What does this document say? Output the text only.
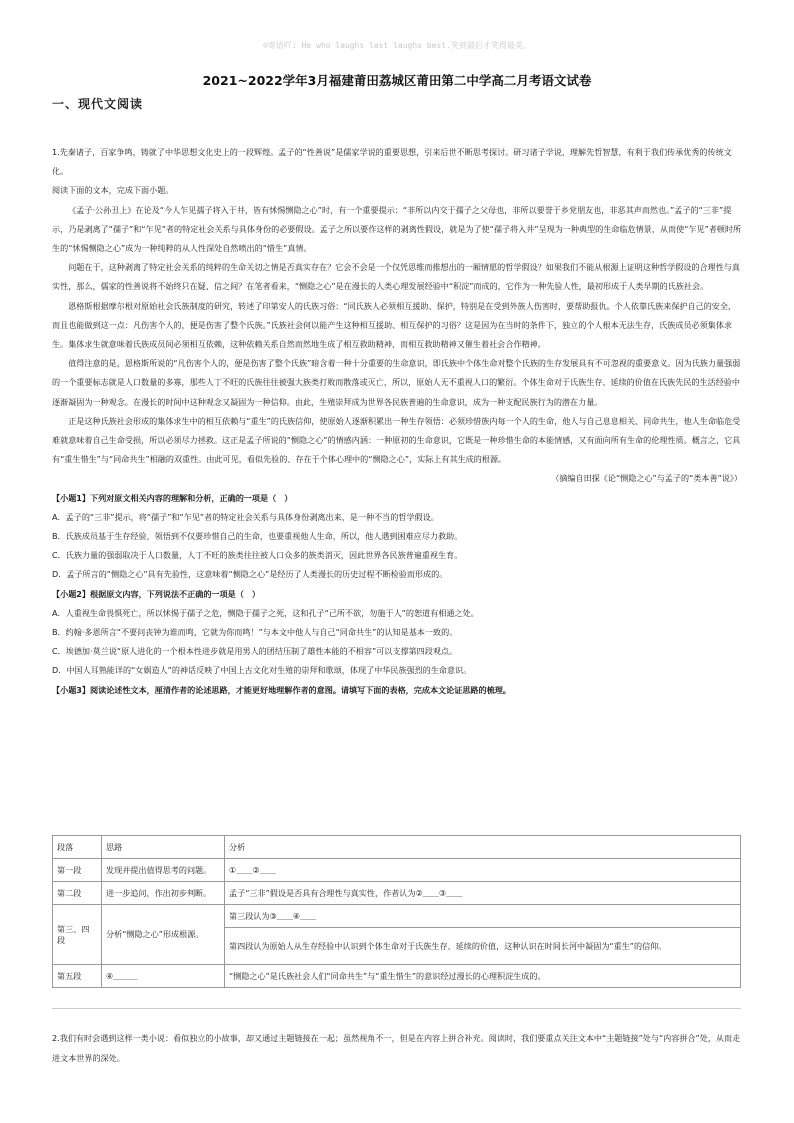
☺寄语吖: He who laughs last laughs best.笑到最后才笑得最美。
2021~2022学年3月福建莆田荔城区莆田第二中学高二月考语文试卷
一、现代文阅读

1.先秦诸子，百家争鸣，铸就了中华思想文化史上的一段辉煌。孟子的“性善说”是儒家学说的重要思想，引来后世不断思考探讨。研习诸子学说，理解先哲智慧，有利于我们传承优秀的传统文化。

阅读下面的文本，完成下面小题。

《孟子·公孙丑上》在论及“今人乍见孺子将入于井，皆有怵惕恻隐之心”时，有一个重要提示：“非所以内交于孺子之父母也，非所以要誉于乡党朋友也，非恶其声而然也。”孟子的“三非”提示，乃是剥离了“孺子”和“乍见”者的特定社会关系与具体身份的必要假设。孟子之所以要作这样的剥离性假设，就是为了使“孺子将入井”呈现为一种典型的生命临危情景，从而使“乍见”者顿时所生的“怵惕恻隐之心”成为一种纯粹的从人性深处自然喷出的“惜生”真情。

问题在于，这种剥离了特定社会关系的纯粹的生命关切之情是否真实存在？它会不会是一个仅凭思维而推想出的一厢情愿的哲学假设？如果我们不能从根源上证明这种哲学假设的合理性与真实性，那么，儒家的性善说将不始终只在疑、信之间？在笔者看来，“恻隐之心”是在漫长的人类心理发展经验中“积淀”而成的，它作为一种先验人性，最初形成于人类早期的氏族社会。

恩格斯根据摩尔根对原始社会氏族制度的研究，转述了印第安人的氏族习俗：“同氏族人必须相互援助、保护，特别是在受到外族人伤害时，要帮助报仇。个人依靠氏族来保护自己的安全，而且也能做到这一点：凡伤害个人的，便是伤害了整个氏族。”氏族社会何以能产生这种相互援助、相互保护的习俗？这是因为在当时的条件下，独立的个人根本无法生存，氏族成员必须集体求生。集体求生就意味着氏族成员间必须相互依赖，这种依赖关系自然而然地生成了相互救助精神，而相互救助精神又催生着社会合作精神。

值得注意的是，恩格斯所说的“凡伤害个人的，便是伤害了整个氏族”暗含着一种十分重要的生命意识，即氏族中个体生命对整个氏族的生存发展具有不可忽视的重要意义。因为氏族力量强弱的一个重要标志就是人口数量的多寡，那些人丁不旺的氏族往往被强大族类打败而散落或灭亡，所以，原始人无不重视人口的繁衍。个体生命对于氏族生存、延续的价值在氏族先民的生活经验中逐渐凝固为一种观念。在漫长的时间中这种观念又凝固为一种信仰。由此，生殖崇拜成为世界各民族普遍的生命意识，成为一种支配民族行为的潜在力量。

正是这种氏族社会形成的集体求生中的相互依赖与“重生”的氏族信仰，使原始人逐渐积累出一种生存领悟：必须珍惜族内每一个人的生命，他人与自己息息相关、同命共生，他人生命临危受难就意味着自己生命受损，所以必须尽力拯救。这正是孟子所说的“恻隐之心”的情感内涵：一种原初的生命意识，它既是一种珍惜生命的本能情感，又有面向所有生命的伦理性质。概言之，它具有“重生惜生”与“同命共生”相融的双重性。由此可见，看似先验的、存在于个体心理中的“恻隐之心”，实际上有其生成的根源。

（摘编自田探《论“恻隐之心”与孟子的“类本善”说》）

【小题1】下列对原文相关内容的理解和分析，正确的一项是（　）

A．孟子的“三非”提示，将“孺子”和“乍见”者的特定社会关系与具体身份剥离出来，是一种不当的哲学假设。

B．氏族成员基于生存经验，领悟到不仅要珍惜自己的生命，也要重视他人生命，所以，他人遇到困难应尽力救助。

C．氏族力量的强弱取决于人口数量，人丁不旺的族类往往被人口众多的族类消灭，因此世界各民族普遍重视生育。

D．孟子所言的“恻隐之心”具有先验性，这意味着“恻隐之心”是经历了人类漫长的历史过程不断检验而形成的。

【小题2】根据原文内容，下列说法不正确的一项是（　）

A．人重视生命畏惧死亡，所以怵惕于孺子之危，恻隐于孺子之死，这和孔子“己所不欲，勿施于人”的恕道有相通之处。

B．约翰·多恩所言“不要问丧钟为谁而鸣，它就为你而鸣！”与本文中他人与自己“同命共生”的认知是基本一致的。

C．埃德加·莫兰说“原人进化的一个根本性进步就是用男人的团结压制了雄性本能的不相容”可以支撑第四段观点。

D．中国人耳熟能详的“女娲造人”的神话反映了中国上古文化对生殖的崇拜和歌颂，体现了中华民族强烈的生命意识。

【小题3】阅读论述性文本，厘清作者的论述思路，才能更好地理解作者的意图。请填写下面的表格，完成本文论证思路的梳理。

段落	思路	分析
第一段	发现并提出值得思考的问题。	①＿＿②＿＿
第二段	进一步追问，作出初步判断。	孟子“三非”假设是否具有合理性与真实性，作者认为②＿＿③＿＿
第三、四段	分析“恻隐之心”形成根源。	第三段认为③＿＿④＿＿
		第四段认为原始人从生存经验中认识到个体生命对于氏族生存、延续的价值，这种认识在时间长河中凝固为“重生”的信仰。
第五段	④＿＿＿	“恻隐之心”是氏族社会人们“同命共生”与“重生惜生”的意识经过漫长的心理积淀生成的。

2.我们有时会遇到这样一类小说：看似独立的小故事，却又通过主题链接在一起；虽然视角不一，但是在内容上拼合补充。阅读时，我们要重点关注文本中“主题链接”处与“内容拼合”处，从而走进文本世界的深处。
